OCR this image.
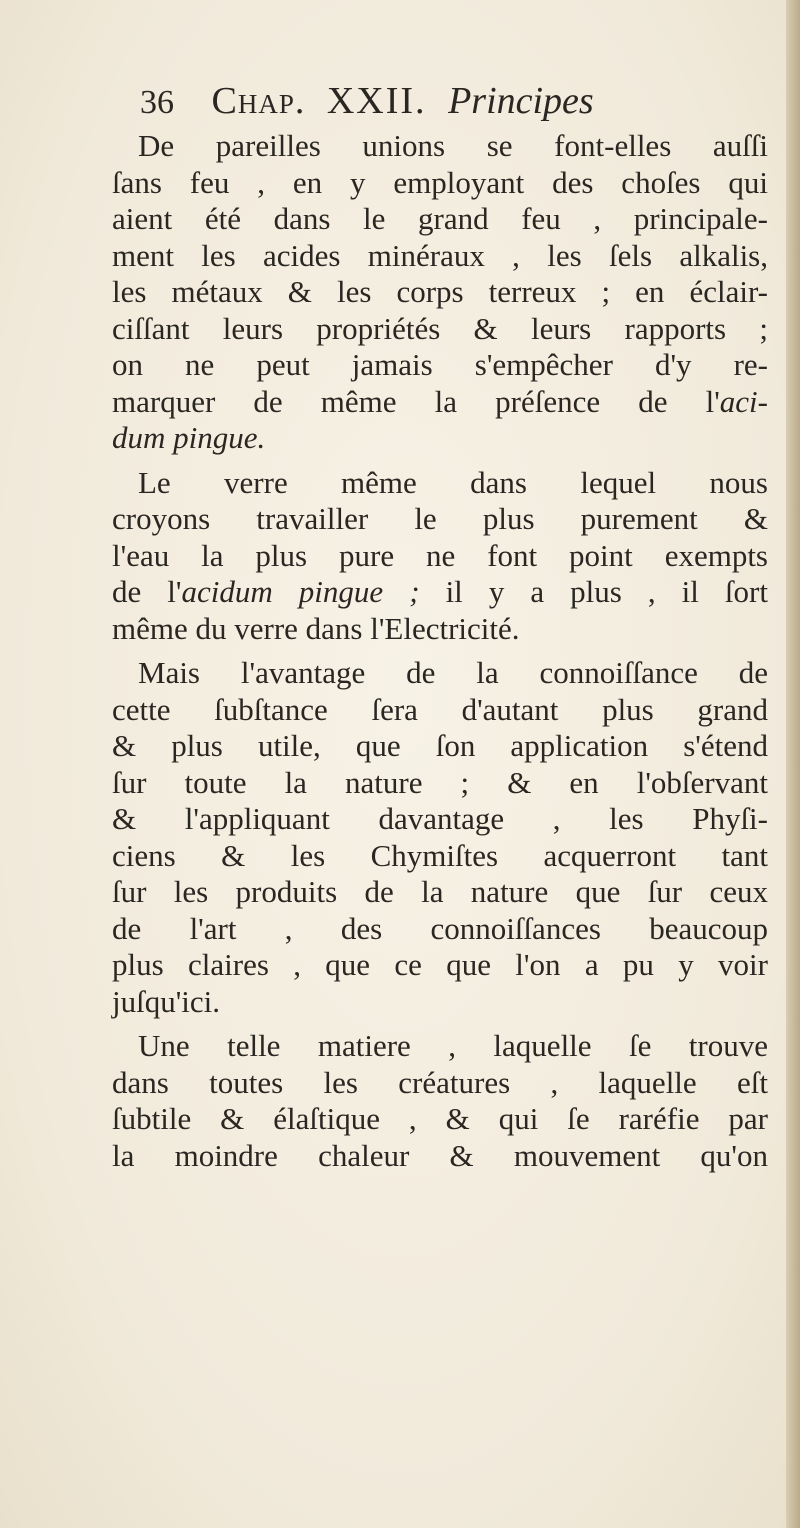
36 Chap. XXII. Principes
De pareilles unions se font-elles auſſi
ſans feu , en y employant des choſes qui
aient été dans le grand feu , principale-
ment les acides minéraux , les ſels alkalis,
les métaux & les corps terreux ; en éclair-
ciſſant leurs propriétés & leurs rapports ;
on ne peut jamais s'empêcher d'y re-
marquer de même la préſence de l'aci-
dum pingue.
Le verre même dans lequel nous
croyons travailler le plus purement &
l'eau la plus pure ne font point exempts
de l'acidum pingue ; il y a plus , il ſort
même du verre dans l'Electricité.
Mais l'avantage de la connoiſſance de
cette ſubſtance ſera d'autant plus grand
& plus utile, que ſon application s'étend
ſur toute la nature ; & en l'obſervant
& l'appliquant davantage , les Phyſi-
ciens & les Chymiſtes acquerront tant
ſur les produits de la nature que ſur ceux
de l'art , des connoiſſances beaucoup
plus claires , que ce que l'on a pu y voir
juſqu'ici.
Une telle matiere , laquelle ſe trouve
dans toutes les créatures , laquelle eſt
ſubtile & élaſtique , & qui ſe raréfie par
la moindre chaleur & mouvement qu'on
